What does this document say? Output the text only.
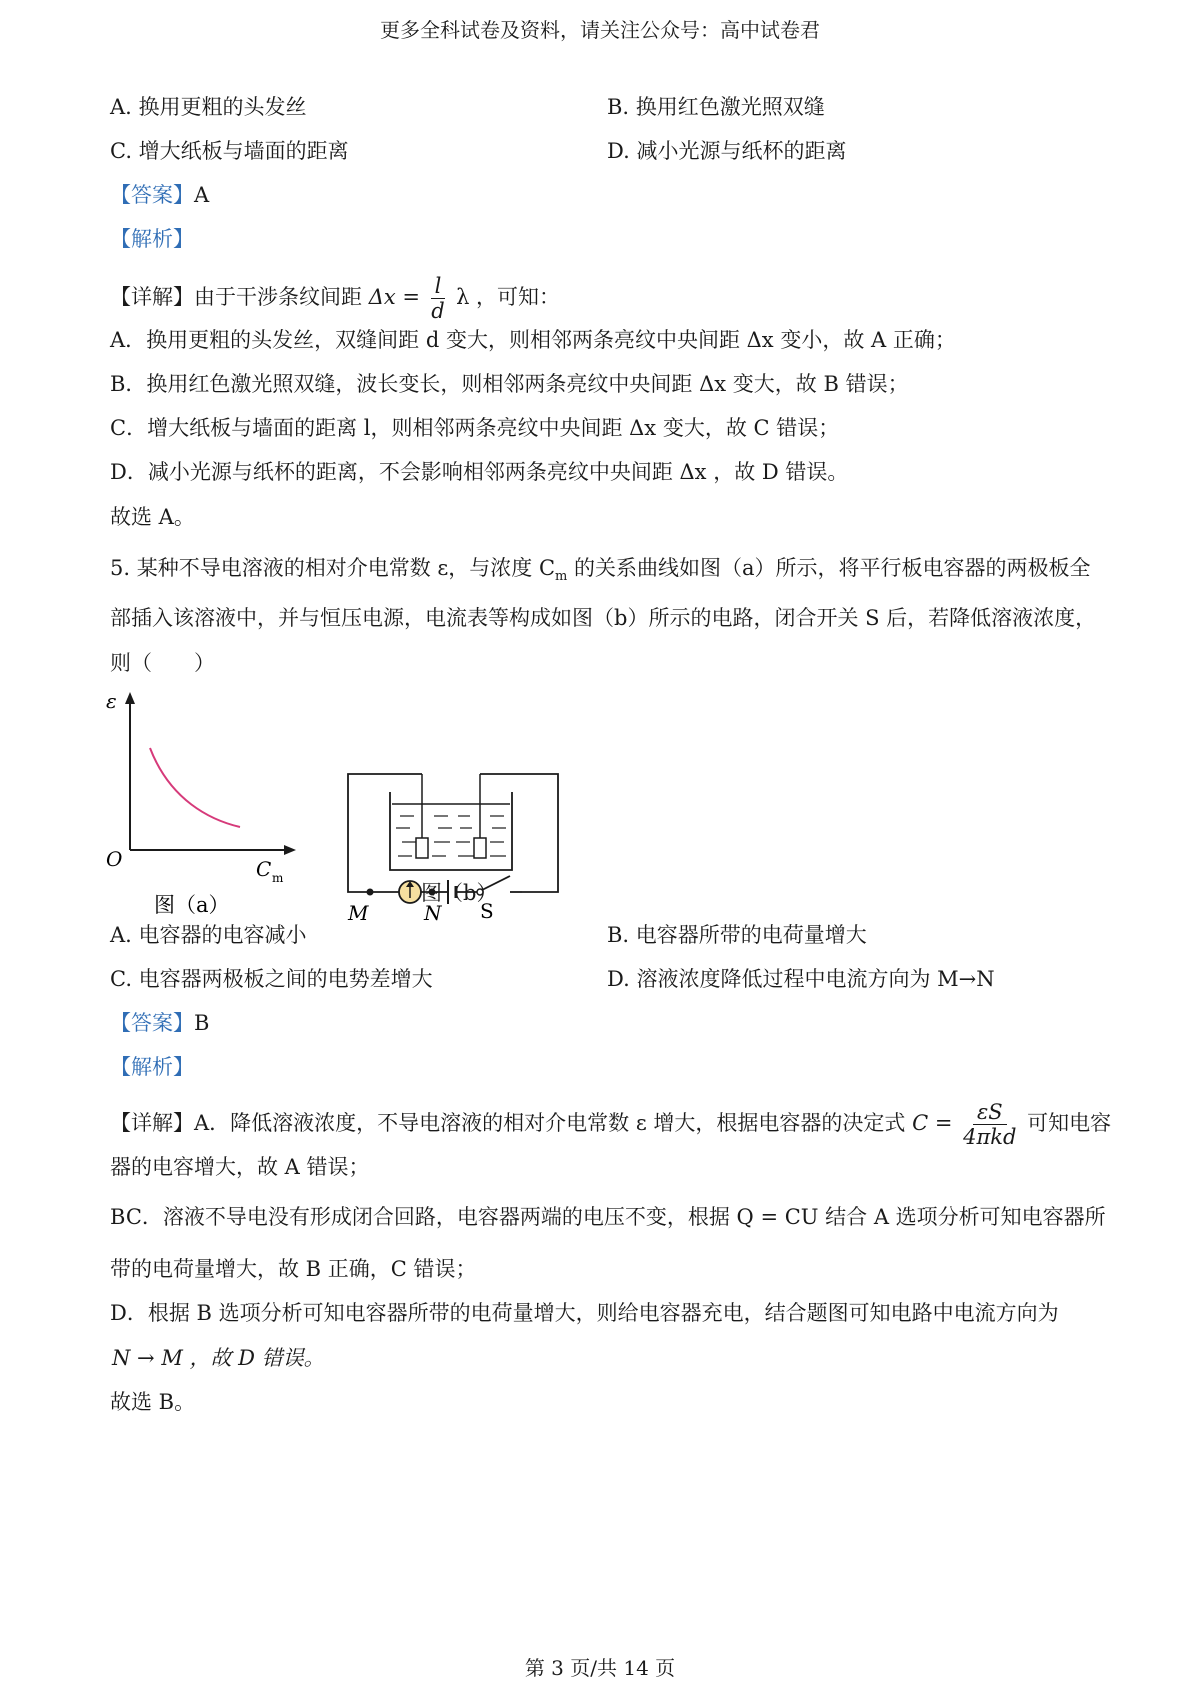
更多全科试卷及资料，请关注公众号：高中试卷君
A. 换用更粗的头发丝	B. 换用红色激光照双缝
C. 增大纸板与墙面的距离	D. 减小光源与纸杯的距离
【答案】A
【解析】
【详解】由于干涉条纹间距 $\Delta x = \frac{l}{d}$ λ ，可知：
A．换用更粗的头发丝，双缝间距 d 变大，则相邻两条亮纹中央间距 Δx 变小，故 A 正确；
B．换用红色激光照双缝，波长变长，则相邻两条亮纹中央间距 Δx 变大，故 B 错误；
C．增大纸板与墙面的距离 l，则相邻两条亮纹中央间距 Δx 变大，故 C 错误；
D．减小光源与纸杯的距离，不会影响相邻两条亮纹中央间距 Δx ，故 D 错误。
故选 A。
5. 某种不导电溶液的相对介电常数 ε，与浓度 $C_m$ 的关系曲线如图（a）所示，将平行板电容器的两极板全
部插入该溶液中，并与恒压电源，电流表等构成如图（b）所示的电路，闭合开关 S 后，若降低溶液浓度，
则（　　）
ε
O	C m
图（a）	M	N S
图（b）
A. 电容器的电容减小	B. 电容器所带的电荷量增大
C. 电容器两极板之间的电势差增大	D. 溶液浓度降低过程中电流方向为 M→N
【答案】B
【解析】
【详解】A．降低溶液浓度，不导电溶液的相对介电常数 ε 增大，根据电容器的决定式 $C = \frac{\varepsilon S}{\text{4πkd}}$ 可知电容
器的电容增大，故 A 错误；
BC．溶液不导电没有形成闭合回路，电容器两端的电压不变，根据 Q = CU 结合 A 选项分析可知电容器所
带的电荷量增大，故 B 正确，C 错误；
D．根据 B 选项分析可知电容器所带的电荷量增大，则给电容器充电，结合题图可知电路中电流方向为
N → M ，故 D 错误。
故选 B。
第 3 页/共 14 页
